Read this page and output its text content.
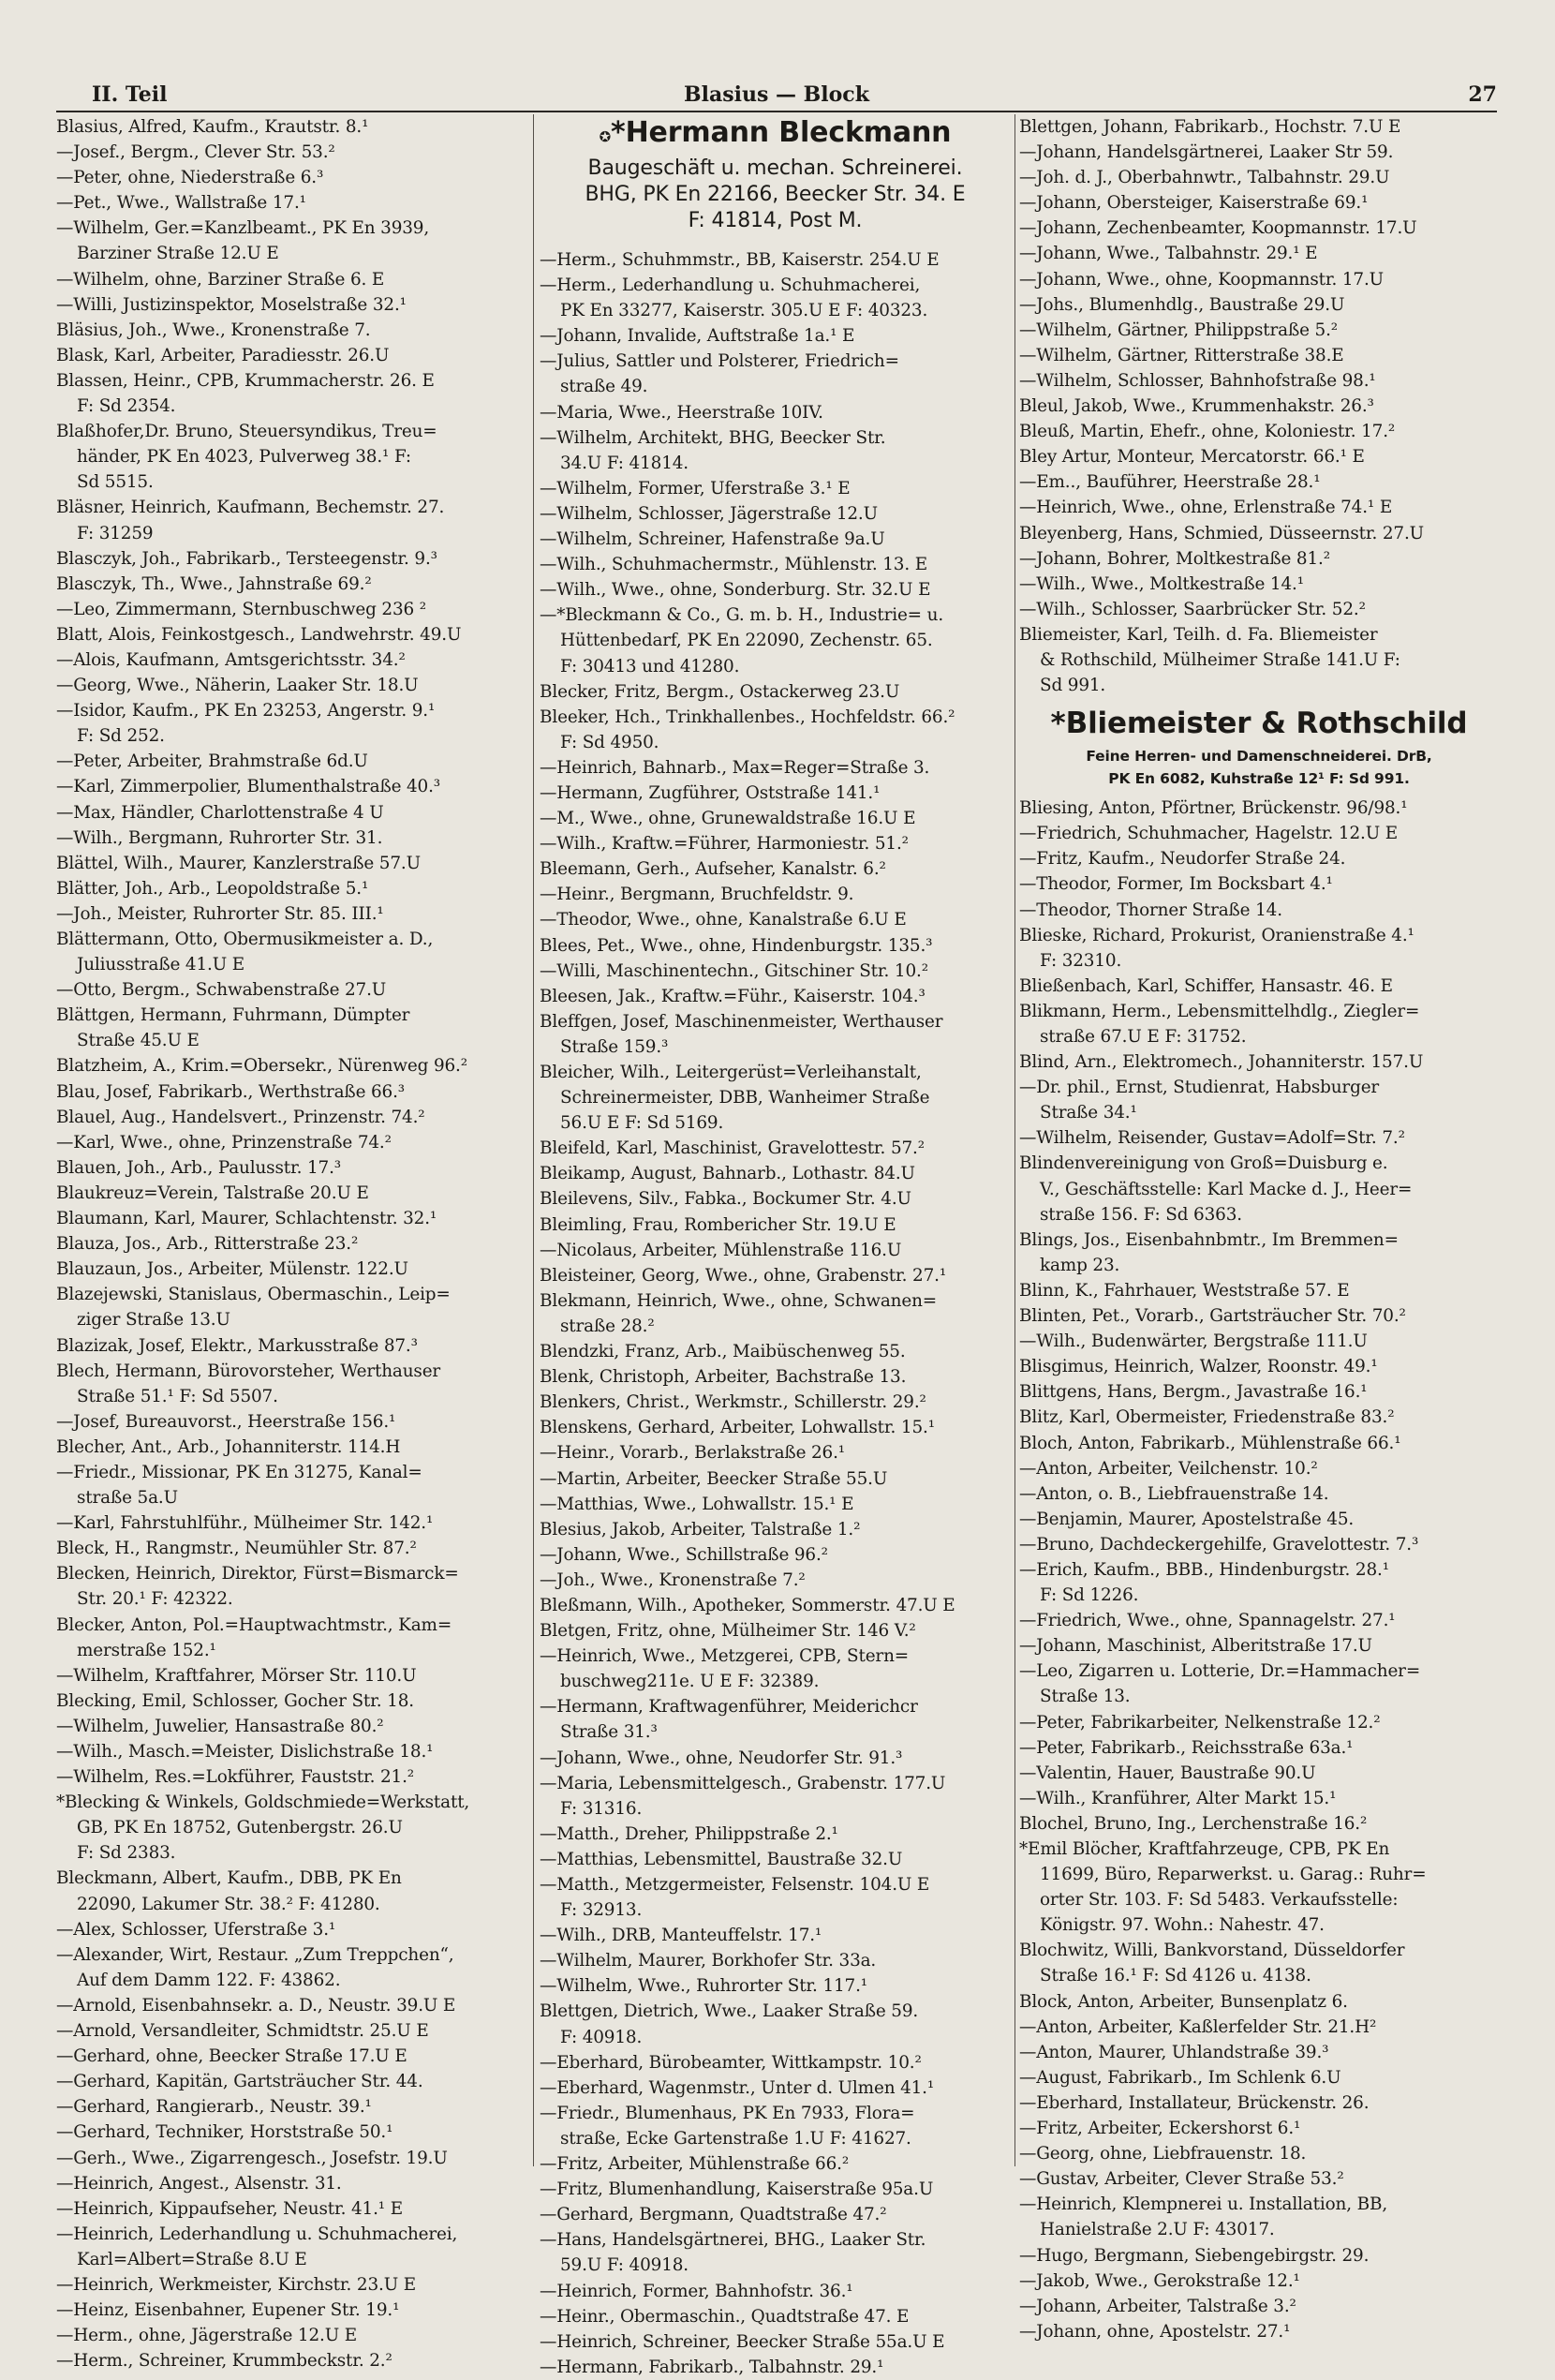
II. Teil	Blasius — Block	27
Blasius, Alfred, Kaufm., Krautstr. 8.¹
—Josef., Bergm., Clever Str. 53.²
—Peter, ohne, Niederstraße 6.³
—Pet., Wwe., Wallstraße 17.¹
—Wilhelm, Ger.=Kanzlbeamt., PK En 3939,
Barziner Straße 12.U E
—Wilhelm, ohne, Barziner Straße 6. E
—Willi, Justizinspektor, Moselstraße 32.¹
Bläsius, Joh., Wwe., Kronenstraße 7.
Blask, Karl, Arbeiter, Paradiesstr. 26.U
Blassen, Heinr., CPB, Krummacherstr. 26. E
F: Sd 2354.
Blaßhofer,Dr. Bruno, Steuersyndikus, Treu=
händer, PK En 4023, Pulverweg 38.¹ F:
Sd 5515.
Bläsner, Heinrich, Kaufmann, Bechemstr. 27.
F: 31259
Blasczyk, Joh., Fabrikarb., Tersteegenstr. 9.³
Blasczyk, Th., Wwe., Jahnstraße 69.²
—Leo, Zimmermann, Sternbuschweg 236 ²
Blatt, Alois, Feinkostgesch., Landwehrstr. 49.U
—Alois, Kaufmann, Amtsgerichtsstr. 34.²
—Georg, Wwe., Näherin, Laaker Str. 18.U
—Isidor, Kaufm., PK En 23253, Angerstr. 9.¹
F: Sd 252.
—Peter, Arbeiter, Brahmstraße 6d.U
—Karl, Zimmerpolier, Blumenthalstraße 40.³
—Max, Händler, Charlottenstraße 4 U
—Wilh., Bergmann, Ruhrorter Str. 31.
Blättel, Wilh., Maurer, Kanzlerstraße 57.U
Blätter, Joh., Arb., Leopoldstraße 5.¹
—Joh., Meister, Ruhrorter Str. 85. III.¹
Blättermann, Otto, Obermusikmeister a. D.,
Juliusstraße 41.U E
—Otto, Bergm., Schwabenstraße 27.U
Blättgen, Hermann, Fuhrmann, Dümpter
Straße 45.U E
Blatzheim, A., Krim.=Obersekr., Nürenweg 96.²
Blau, Josef, Fabrikarb., Werthstraße 66.³
Blauel, Aug., Handelsvert., Prinzenstr. 74.²
—Karl, Wwe., ohne, Prinzenstraße 74.²
Blauen, Joh., Arb., Paulusstr. 17.³
Blaukreuz=Verein, Talstraße 20.U E
Blaumann, Karl, Maurer, Schlachtenstr. 32.¹
Blauza, Jos., Arb., Ritterstraße 23.²
Blauzaun, Jos., Arbeiter, Mülenstr. 122.U
Blazejewski, Stanislaus, Obermaschin., Leip=
ziger Straße 13.U
Blazizak, Josef, Elektr., Markusstraße 87.³
Blech, Hermann, Bürovorsteher, Werthauser
Straße 51.¹ F: Sd 5507.
—Josef, Bureauvorst., Heerstraße 156.¹
Blecher, Ant., Arb., Johanniterstr. 114.H
—Friedr., Missionar, PK En 31275, Kanal=
straße 5a.U
—Karl, Fahrstuhlführ., Mülheimer Str. 142.¹
Bleck, H., Rangmstr., Neumühler Str. 87.²
Blecken, Heinrich, Direktor, Fürst=Bismarck=
Str. 20.¹ F: 42322.
Blecker, Anton, Pol.=Hauptwachtmstr., Kam=
merstraße 152.¹
—Wilhelm, Kraftfahrer, Mörser Str. 110.U
Blecking, Emil, Schlosser, Gocher Str. 18.
—Wilhelm, Juwelier, Hansastraße 80.²
—Wilh., Masch.=Meister, Dislichstraße 18.¹
—Wilhelm, Res.=Lokführer, Fauststr. 21.²
*Blecking & Winkels, Goldschmiede=Werkstatt,
GB, PK En 18752, Gutenbergstr. 26.U
F: Sd 2383.
Bleckmann, Albert, Kaufm., DBB, PK En
22090, Lakumer Str. 38.² F: 41280.
—Alex, Schlosser, Uferstraße 3.¹
—Alexander, Wirt, Restaur. „Zum Treppchen“,
Auf dem Damm 122. F: 43862.
—Arnold, Eisenbahnsekr. a. D., Neustr. 39.U E
—Arnold, Versandleiter, Schmidtstr. 25.U E
—Gerhard, ohne, Beecker Straße 17.U E
—Gerhard, Kapitän, Gartsträucher Str. 44.
—Gerhard, Rangierarb., Neustr. 39.¹
—Gerhard, Techniker, Horststraße 50.¹
—Gerh., Wwe., Zigarrengesch., Josefstr. 19.U
—Heinrich, Angest., Alsenstr. 31.
—Heinrich, Kippaufseher, Neustr. 41.¹ E
—Heinrich, Lederhandlung u. Schuhmacherei,
Karl=Albert=Straße 8.U E
—Heinrich, Werkmeister, Kirchstr. 23.U E
—Heinz, Eisenbahner, Eupener Str. 19.¹
—Herm., ohne, Jägerstraße 12.U E
—Herm., Schreiner, Krummbeckstr. 2.²
✪*Hermann Bleckmann
Baugeschäft u. mechan. Schreinerei.
BHG, PK En 22166, Beecker Str. 34. E
F: 41814, Post M.
—Herm., Schuhmmstr., BB, Kaiserstr. 254.U E
—Herm., Lederhandlung u. Schuhmacherei,
PK En 33277, Kaiserstr. 305.U E F: 40323.
—Johann, Invalide, Auftstraße 1a.¹ E
—Julius, Sattler und Polsterer, Friedrich=
straße 49.
—Maria, Wwe., Heerstraße 10IV.
—Wilhelm, Architekt, BHG, Beecker Str.
34.U F: 41814.
—Wilhelm, Former, Uferstraße 3.¹ E
—Wilhelm, Schlosser, Jägerstraße 12.U
—Wilhelm, Schreiner, Hafenstraße 9a.U
—Wilh., Schuhmachermstr., Mühlenstr. 13. E
—Wilh., Wwe., ohne, Sonderburg. Str. 32.U E
—*Bleckmann & Co., G. m. b. H., Industrie= u.
Hüttenbedarf, PK En 22090, Zechenstr. 65.
F: 30413 und 41280.
Blecker, Fritz, Bergm., Ostackerweg 23.U
Bleeker, Hch., Trinkhallenbes., Hochfeldstr. 66.²
F: Sd 4950.
—Heinrich, Bahnarb., Max=Reger=Straße 3.
—Hermann, Zugführer, Oststraße 141.¹
—M., Wwe., ohne, Grunewaldstraße 16.U E
—Wilh., Kraftw.=Führer, Harmoniestr. 51.²
Bleemann, Gerh., Aufseher, Kanalstr. 6.²
—Heinr., Bergmann, Bruchfeldstr. 9.
—Theodor, Wwe., ohne, Kanalstraße 6.U E
Blees, Pet., Wwe., ohne, Hindenburgstr. 135.³
—Willi, Maschinentechn., Gitschiner Str. 10.²
Bleesen, Jak., Kraftw.=Führ., Kaiserstr. 104.³
Bleffgen, Josef, Maschinenmeister, Werthauser
Straße 159.³
Bleicher, Wilh., Leitergerüst=Verleihanstalt,
Schreinermeister, DBB, Wanheimer Straße
56.U E F: Sd 5169.
Bleifeld, Karl, Maschinist, Gravelottestr. 57.²
Bleikamp, August, Bahnarb., Lothastr. 84.U
Bleilevens, Silv., Fabka., Bockumer Str. 4.U
Bleimling, Frau, Rombericher Str. 19.U E
—Nicolaus, Arbeiter, Mühlenstraße 116.U
Bleisteiner, Georg, Wwe., ohne, Grabenstr. 27.¹
Blekmann, Heinrich, Wwe., ohne, Schwanen=
straße 28.²
Blendzki, Franz, Arb., Maibüschenweg 55.
Blenk, Christoph, Arbeiter, Bachstraße 13.
Blenkers, Christ., Werkmstr., Schillerstr. 29.²
Blenskens, Gerhard, Arbeiter, Lohwallstr. 15.¹
—Heinr., Vorarb., Berlakstraße 26.¹
—Martin, Arbeiter, Beecker Straße 55.U
—Matthias, Wwe., Lohwallstr. 15.¹ E
Blesius, Jakob, Arbeiter, Talstraße 1.²
—Johann, Wwe., Schillstraße 96.²
—Joh., Wwe., Kronenstraße 7.²
Bleßmann, Wilh., Apotheker, Sommerstr. 47.U E
Bletgen, Fritz, ohne, Mülheimer Str. 146 V.²
—Heinrich, Wwe., Metzgerei, CPB, Stern=
buschweg211e. U E F: 32389.
—Hermann, Kraftwagenführer, Meiderichcr
Straße 31.³
—Johann, Wwe., ohne, Neudorfer Str. 91.³
—Maria, Lebensmittelgesch., Grabenstr. 177.U
F: 31316.
—Matth., Dreher, Philippstraße 2.¹
—Matthias, Lebensmittel, Baustraße 32.U
—Matth., Metzgermeister, Felsenstr. 104.U E
F: 32913.
—Wilh., DRB, Manteuffelstr. 17.¹
—Wilhelm, Maurer, Borkhofer Str. 33a.
—Wilhelm, Wwe., Ruhrorter Str. 117.¹
Blettgen, Dietrich, Wwe., Laaker Straße 59.
F: 40918.
—Eberhard, Bürobeamter, Wittkampstr. 10.²
—Eberhard, Wagenmstr., Unter d. Ulmen 41.¹
—Friedr., Blumenhaus, PK En 7933, Flora=
straße, Ecke Gartenstraße 1.U F: 41627.
—Fritz, Arbeiter, Mühlenstraße 66.²
—Fritz, Blumenhandlung, Kaiserstraße 95a.U
—Gerhard, Bergmann, Quadtstraße 47.²
—Hans, Handelsgärtnerei, BHG., Laaker Str.
59.U F: 40918.
—Heinrich, Former, Bahnhofstr. 36.¹
—Heinr., Obermaschin., Quadtstraße 47. E
—Heinrich, Schreiner, Beecker Straße 55a.U E
—Hermann, Fabrikarb., Talbahnstr. 29.¹
Blettgen, Johann, Fabrikarb., Hochstr. 7.U E
—Johann, Handelsgärtnerei, Laaker Str 59.
—Joh. d. J., Oberbahnwtr., Talbahnstr. 29.U
—Johann, Obersteiger, Kaiserstraße 69.¹
—Johann, Zechenbeamter, Koopmannstr. 17.U
—Johann, Wwe., Talbahnstr. 29.¹ E
—Johann, Wwe., ohne, Koopmannstr. 17.U
—Johs., Blumenhdlg., Baustraße 29.U
—Wilhelm, Gärtner, Philippstraße 5.²
—Wilhelm, Gärtner, Ritterstraße 38.E
—Wilhelm, Schlosser, Bahnhofstraße 98.¹
Bleul, Jakob, Wwe., Krummenhakstr. 26.³
Bleuß, Martin, Ehefr., ohne, Koloniestr. 17.²
Bley Artur, Monteur, Mercatorstr. 66.¹ E
—Em.., Bauführer, Heerstraße 28.¹
—Heinrich, Wwe., ohne, Erlenstraße 74.¹ E
Bleyenberg, Hans, Schmied, Düsseernstr. 27.U
—Johann, Bohrer, Moltkestraße 81.²
—Wilh., Wwe., Moltkestraße 14.¹
—Wilh., Schlosser, Saarbrücker Str. 52.²
Bliemeister, Karl, Teilh. d. Fa. Bliemeister
& Rothschild, Mülheimer Straße 141.U F:
Sd 991.
*Bliemeister & Rothschild
Feine Herren- und Damenschneiderei. DrB,
PK En 6082, Kuhstraße 12¹ F: Sd 991.
Bliesing, Anton, Pförtner, Brückenstr. 96/98.¹
—Friedrich, Schuhmacher, Hagelstr. 12.U E
—Fritz, Kaufm., Neudorfer Straße 24.
—Theodor, Former, Im Bocksbart 4.¹
—Theodor, Thorner Straße 14.
Blieske, Richard, Prokurist, Oranienstraße 4.¹
F: 32310.
Bließenbach, Karl, Schiffer, Hansastr. 46. E
Blikmann, Herm., Lebensmittelhdlg., Ziegler=
straße 67.U E F: 31752.
Blind, Arn., Elektromech., Johanniterstr. 157.U
—Dr. phil., Ernst, Studienrat, Habsburger
Straße 34.¹
—Wilhelm, Reisender, Gustav=Adolf=Str. 7.²
Blindenvereinigung von Groß=Duisburg e.
V., Geschäftsstelle: Karl Macke d. J., Heer=
straße 156. F: Sd 6363.
Blings, Jos., Eisenbahnbmtr., Im Bremmen=
kamp 23.
Blinn, K., Fahrhauer, Weststraße 57. E
Blinten, Pet., Vorarb., Gartsträucher Str. 70.²
—Wilh., Budenwärter, Bergstraße 111.U
Blisgimus, Heinrich, Walzer, Roonstr. 49.¹
Blittgens, Hans, Bergm., Javastraße 16.¹
Blitz, Karl, Obermeister, Friedenstraße 83.²
Bloch, Anton, Fabrikarb., Mühlenstraße 66.¹
—Anton, Arbeiter, Veilchenstr. 10.²
—Anton, o. B., Liebfrauenstraße 14.
—Benjamin, Maurer, Apostelstraße 45.
—Bruno, Dachdeckergehilfe, Gravelottestr. 7.³
—Erich, Kaufm., BBB., Hindenburgstr. 28.¹
F: Sd 1226.
—Friedrich, Wwe., ohne, Spannagelstr. 27.¹
—Johann, Maschinist, Alberitstraße 17.U
—Leo, Zigarren u. Lotterie, Dr.=Hammacher=
Straße 13.
—Peter, Fabrikarbeiter, Nelkenstraße 12.²
—Peter, Fabrikarb., Reichsstraße 63a.¹
—Valentin, Hauer, Baustraße 90.U
—Wilh., Kranführer, Alter Markt 15.¹
Blochel, Bruno, Ing., Lerchenstraße 16.²
*Emil Blöcher, Kraftfahrzeuge, CPB, PK En
11699, Büro, Reparwerkst. u. Garag.: Ruhr=
orter Str. 103. F: Sd 5483. Verkaufsstelle:
Königstr. 97. Wohn.: Nahestr. 47.
Blochwitz, Willi, Bankvorstand, Düsseldorfer
Straße 16.¹ F: Sd 4126 u. 4138.
Block, Anton, Arbeiter, Bunsenplatz 6.
—Anton, Arbeiter, Kaßlerfelder Str. 21.H²
—Anton, Maurer, Uhlandstraße 39.³
—August, Fabrikarb., Im Schlenk 6.U
—Eberhard, Installateur, Brückenstr. 26.
—Fritz, Arbeiter, Eckershorst 6.¹
—Georg, ohne, Liebfrauenstr. 18.
—Gustav, Arbeiter, Clever Straße 53.²
—Heinrich, Klempnerei u. Installation, BB,
Hanielstraße 2.U F: 43017.
—Hugo, Bergmann, Siebengebirgstr. 29.
—Jakob, Wwe., Gerokstraße 12.¹
—Johann, Arbeiter, Talstraße 3.²
—Johann, ohne, Apostelstr. 27.¹
